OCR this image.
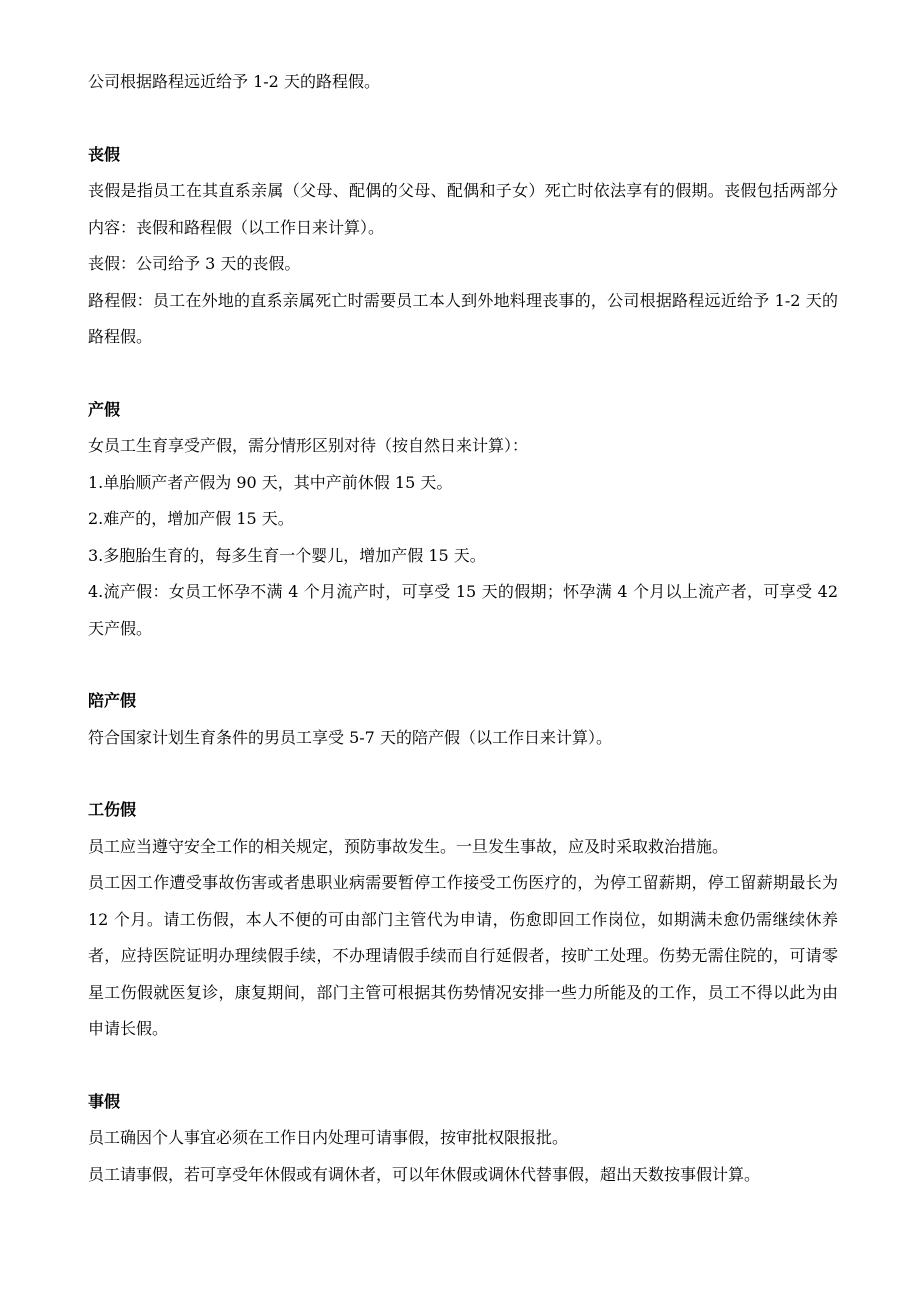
公司根据路程远近给予 1-2 天的路程假。

丧假

丧假是指员工在其直系亲属（父母、配偶的父母、配偶和子女）死亡时依法享有的假期。丧假包括两部分内容：丧假和路程假（以工作日来计算）。

丧假：公司给予 3 天的丧假。

路程假：员工在外地的直系亲属死亡时需要员工本人到外地料理丧事的，公司根据路程远近给予 1-2 天的路程假。

产假

女员工生育享受产假，需分情形区别对待（按自然日来计算）：

1.单胎顺产者产假为 90 天，其中产前休假 15 天。

2.难产的，增加产假 15 天。

3.多胞胎生育的，每多生育一个婴儿，增加产假 15 天。

4.流产假：女员工怀孕不满 4 个月流产时，可享受 15 天的假期；怀孕满 4 个月以上流产者，可享受 42 天产假。

陪产假

符合国家计划生育条件的男员工享受 5-7 天的陪产假（以工作日来计算）。

工伤假

员工应当遵守安全工作的相关规定，预防事故发生。一旦发生事故，应及时采取救治措施。

员工因工作遭受事故伤害或者患职业病需要暂停工作接受工伤医疗的，为停工留薪期，停工留薪期最长为 12 个月。请工伤假，本人不便的可由部门主管代为申请，伤愈即回工作岗位，如期满未愈仍需继续休养者，应持医院证明办理续假手续，不办理请假手续而自行延假者，按旷工处理。伤势无需住院的，可请零星工伤假就医复诊，康复期间，部门主管可根据其伤势情况安排一些力所能及的工作，员工不得以此为由申请长假。

事假

员工确因个人事宜必须在工作日内处理可请事假，按审批权限报批。

员工请事假，若可享受年休假或有调休者，可以年休假或调休代替事假，超出天数按事假计算。
